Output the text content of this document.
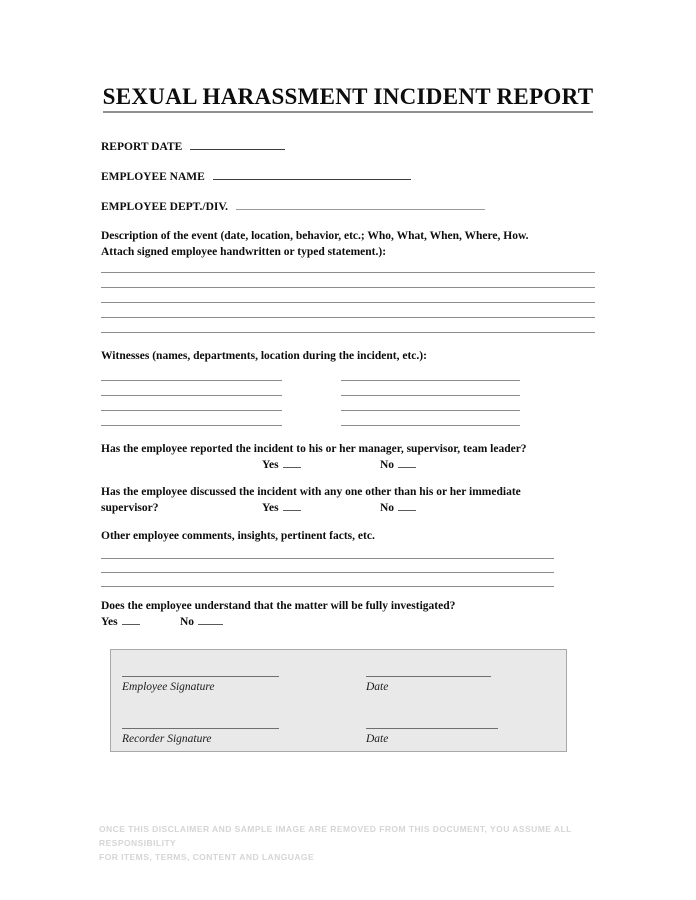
SEXUAL HARASSMENT INCIDENT REPORT
REPORT DATE
EMPLOYEE NAME
EMPLOYEE DEPT./DIV.
Description of the event (date, location, behavior, etc.; Who, What, When, Where, How.
Attach signed employee handwritten or typed statement.):
Witnesses (names, departments, location during the incident, etc.):
Has the employee reported the incident to his or her manager, supervisor, team leader?
Yes	No
Has the employee discussed the incident with any one other than his or her immediate
supervisor?	Yes	No
Other employee comments, insights, pertinent facts, etc.
Does the employee understand that the matter will be fully investigated?
Yes	No
Employee Signature	Date
Recorder Signature	Date
ONCE THIS DISCLAIMER AND SAMPLE IMAGE ARE REMOVED FROM THIS DOCUMENT, YOU ASSUME ALL RESPONSIBILITY
FOR ITEMS, TERMS, CONTENT AND LANGUAGE
